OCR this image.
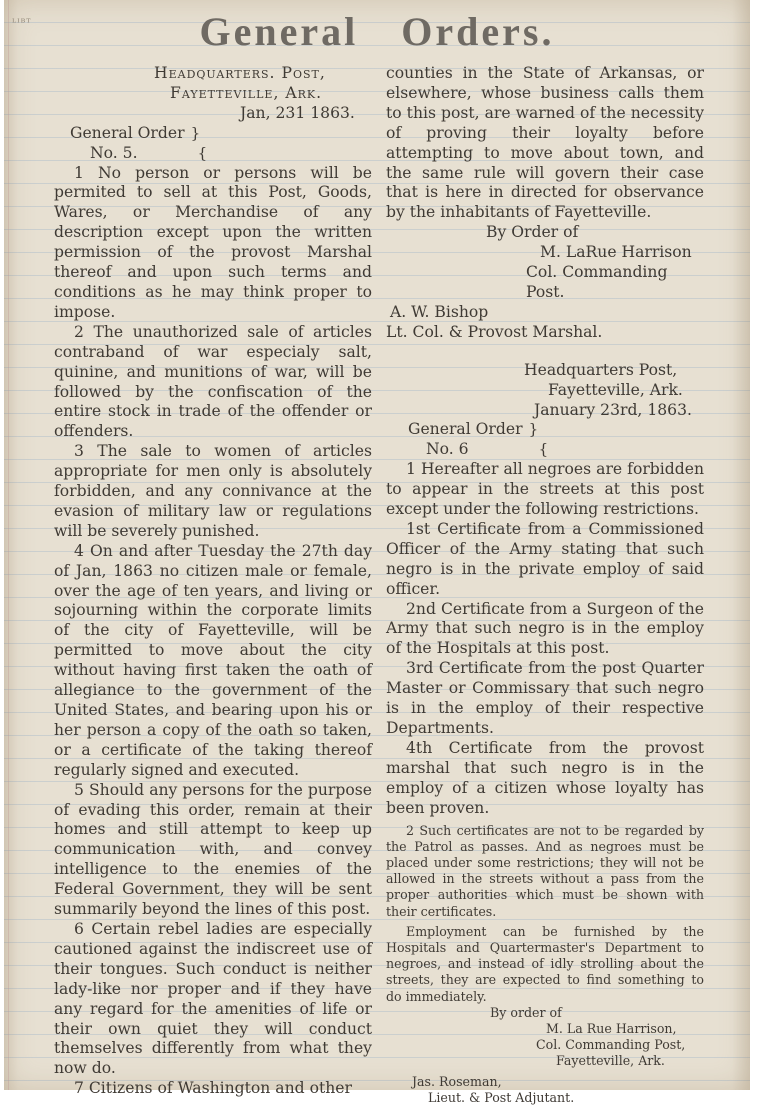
ᴸᴵᴮᵀ	General Orders.
Headquarters. Post,
Fayetteville, Ark.
Jan, 231 1863.
General Order }
No. 5.	{

1 No person or persons will be permited to sell at this Post, Goods, Wares, or Merchandise of any description except upon the written permission of the provost Marshal thereof and upon such terms and conditions as he may think proper to impose.

2 The unauthorized sale of articles contraband of war especialy salt, quinine, and munitions of war, will be followed by the confiscation of the entire stock in trade of the offender or offenders.

3 The sale to women of articles appropriate for men only is absolutely forbidden, and any connivance at the evasion of military law or regulations will be severely punished.

4 On and after Tuesday the 27th day of Jan, 1863 no citizen male or female, over the age of ten years, and living or sojourning within the corporate limits of the city of Fayetteville, will be permitted to move about the city without having first taken the oath of allegiance to the government of the United States, and bearing upon his or her person a copy of the oath so taken, or a certificate of the taking thereof regularly signed and executed.

5 Should any persons for the purpose of evading this order, remain at their homes and still attempt to keep up communication with, and convey intelligence to the enemies of the Federal Government, they will be sent summarily beyond the lines of this post.

6 Certain rebel ladies are especially cautioned against the indiscreet use of their tongues. Such conduct is neither lady-like nor proper and if they have any regard for the amenities of life or their own quiet they will conduct themselves differently from what they now do.

7 Citizens of Washington and other

counties in the State of Arkansas, or elsewhere, whose business calls them to this post, are warned of the necessity of proving their loyalty before attempting to move about town, and the same rule will govern their case that is here in directed for observance by the inhabitants of Fayetteville.

By Order of
M. LaRue Harrison
Col. Commanding Post.
A. W. Bishop
Lt. Col. & Provost Marshal.
Headquarters Post,
Fayetteville, Ark.
January 23rd, 1863.
General Order }
No. 6	{

1 Hereafter all negroes are forbidden to appear in the streets at this post except under the following restrictions.

1st Certificate from a Commissioned Officer of the Army stating that such negro is in the private employ of said officer.

2nd Certificate from a Surgeon of the Army that such negro is in the employ of the Hospitals at this post.

3rd Certificate from the post Quarter Master or Commissary that such negro is in the employ of their respective Departments.

4th Certificate from the provost marshal that such negro is in the employ of a citizen whose loyalty has been proven.

2 Such certificates are not to be regarded by the Patrol as passes. And as negroes must be placed under some restrictions; they will not be allowed in the streets without a pass from the proper authorities which must be shown with their certificates.

Employment can be furnished by the Hospitals and Quartermaster's Department to negroes, and instead of idly strolling about the streets, they are expected to find something to do immediately.

By order of
M. La Rue Harrison,
Col. Commanding Post,
Fayetteville, Ark.
Jas. Roseman,
Lieut. & Post Adjutant.
